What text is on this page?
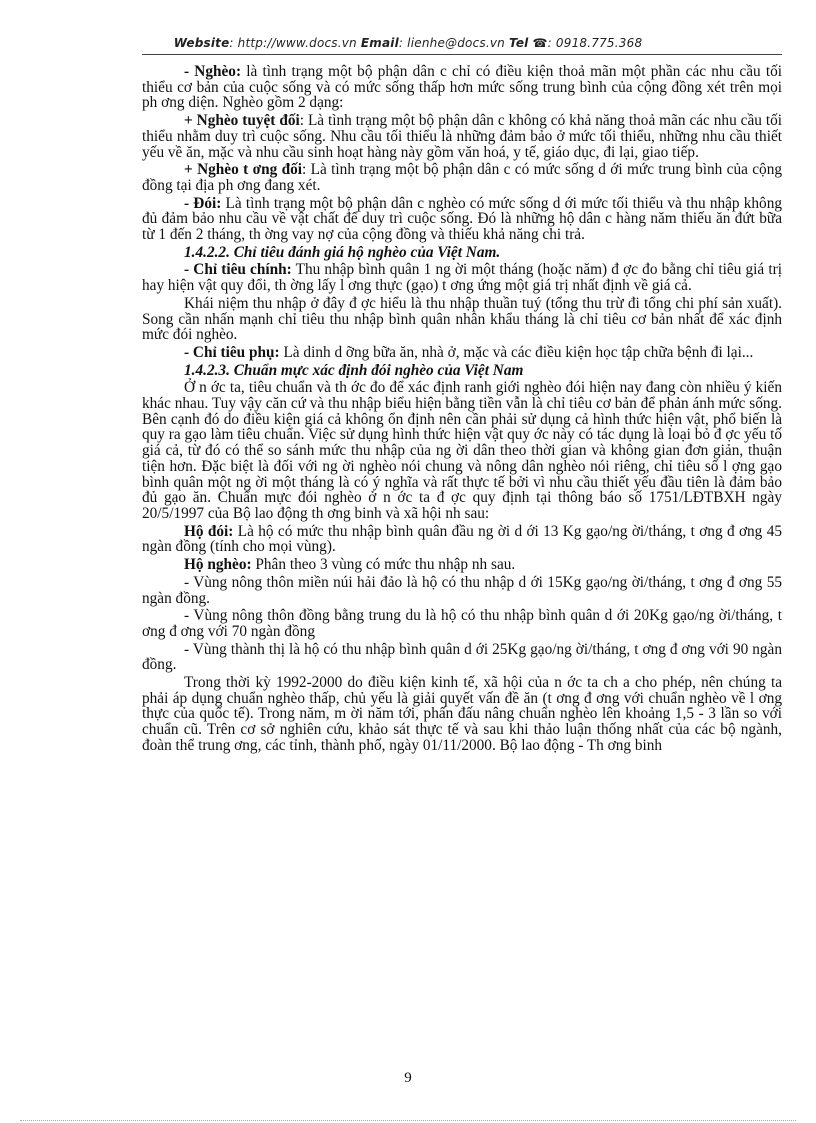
Website: http://www.docs.vn Email: lienhe@docs.vn Tel ☎: 0918.775.368

- Nghèo: là tình trạng một bộ phận dân c chỉ có điều kiện thoả mãn một phần các nhu cầu tối thiểu cơ bản của cuộc sống và có mức sống thấp hơn mức sống trung bình của cộng đồng xét trên mọi ph ơng diện. Nghèo gồm 2 dạng:

+ Nghèo tuyệt đối: Là tình trạng một bộ phận dân c không có khả năng thoả mãn các nhu cầu tối thiểu nhằm duy trì cuộc sống. Nhu cầu tối thiểu là những đảm bảo ở mức tối thiểu, những nhu cầu thiết yếu về ăn, mặc và nhu cầu sinh hoạt hàng này gồm văn hoá, y tế, giáo dục, đi lại, giao tiếp.

+ Nghèo t ơng đối: Là tình trạng một bộ phận dân c có mức sống d ới mức trung bình của cộng đồng tại địa ph ơng đang xét.

- Đói: Là tình trạng một bộ phận dân c nghèo có mức sống d ới mức tối thiểu và thu nhập không đủ đảm bảo nhu cầu về vật chất để duy trì cuộc sống. Đó là những hộ dân c hàng năm thiếu ăn đứt bữa từ 1 đến 2 tháng, th ờng vay nợ của cộng đồng và thiếu khả năng chi trả.

1.4.2.2. Chỉ tiêu đánh giá hộ nghèo của Việt Nam.

- Chỉ tiêu chính: Thu nhập bình quân 1 ng ời một tháng (hoặc năm) đ ợc đo bằng chỉ tiêu giá trị hay hiện vật quy đổi, th ờng lấy l ơng thực (gạo) t ơng ứng một giá trị nhất định về giá cả.

Khái niệm thu nhập ở đây đ ợc hiểu là thu nhập thuần tuý (tổng thu trừ đi tổng chi phí sản xuất). Song cần nhấn mạnh chỉ tiêu thu nhập bình quân nhân khẩu tháng là chỉ tiêu cơ bản nhất để xác định mức đói nghèo.

- Chỉ tiêu phụ: Là dinh d ỡng bữa ăn, nhà ở, mặc và các điều kiện học tập chữa bệnh đi lại...

1.4.2.3. Chuẩn mực xác định đói nghèo của Việt Nam

Ở n ớc ta, tiêu chuẩn và th ớc đo để xác định ranh giới nghèo đói hiện nay đang còn nhiều ý kiến khác nhau. Tuy vậy căn cứ và thu nhập biểu hiện bằng tiền vẫn là chỉ tiêu cơ bản để phản ánh mức sống. Bên cạnh đó do điều kiện giá cả không ổn định nên cần phải sử dụng cả hình thức hiện vật, phổ biến là quy ra gạo làm tiêu chuẩn. Việc sử dụng hình thức hiện vật quy ớc này có tác dụng là loại bỏ đ ợc yếu tố giá cả, từ đó có thể so sánh mức thu nhập của ng ời dân theo thời gian và không gian đơn giản, thuận tiện hơn. Đặc biệt là đối với ng ời nghèo nói chung và nông dân nghèo nói riêng, chỉ tiêu số l ợng gạo bình quân một ng ời một tháng là có ý nghĩa và rất thực tế bởi vì nhu cầu thiết yếu đầu tiên là đảm bảo đủ gạo ăn. Chuẩn mực đói nghèo ở n ớc ta đ ợc quy định tại thông báo số 1751/LĐTBXH ngày 20/5/1997 của Bộ lao động th ơng binh và xã hội nh sau:

Hộ đói: Là hộ có mức thu nhập bình quân đầu ng ời d ới 13 Kg gạo/ng ời/tháng, t ơng đ ơng 45 ngàn đồng (tính cho mọi vùng).

Hộ nghèo: Phân theo 3 vùng có mức thu nhập nh sau.

- Vùng nông thôn miền núi hải đảo là hộ có thu nhập d ới 15Kg gạo/ng ời/tháng, t ơng đ ơng 55 ngàn đồng.

- Vùng nông thôn đồng bằng trung du là hộ có thu nhập bình quân d ới 20Kg gạo/ng ời/tháng, t ơng đ ơng với 70 ngàn đồng

- Vùng thành thị là hộ có thu nhập bình quân d ới 25Kg gạo/ng ời/tháng, t ơng đ ơng với 90 ngàn đồng.

Trong thời kỳ 1992-2000 do điều kiện kinh tế, xã hội của n ớc ta ch a cho phép, nên chúng ta phải áp dụng chuẩn nghèo thấp, chủ yếu là giải quyết vấn đề ăn (t ơng đ ơng với chuẩn nghèo về l ơng thực của quốc tế). Trong năm, m ời năm tới, phấn đấu nâng chuẩn nghèo lên khoảng 1,5 - 3 lần so với chuẩn cũ. Trên cơ sở nghiên cứu, khảo sát thực tế và sau khi thảo luận thống nhất của các bộ ngành, đoàn thể trung ơng, các tỉnh, thành phố, ngày 01/11/2000. Bộ lao động - Th ơng binh

9
